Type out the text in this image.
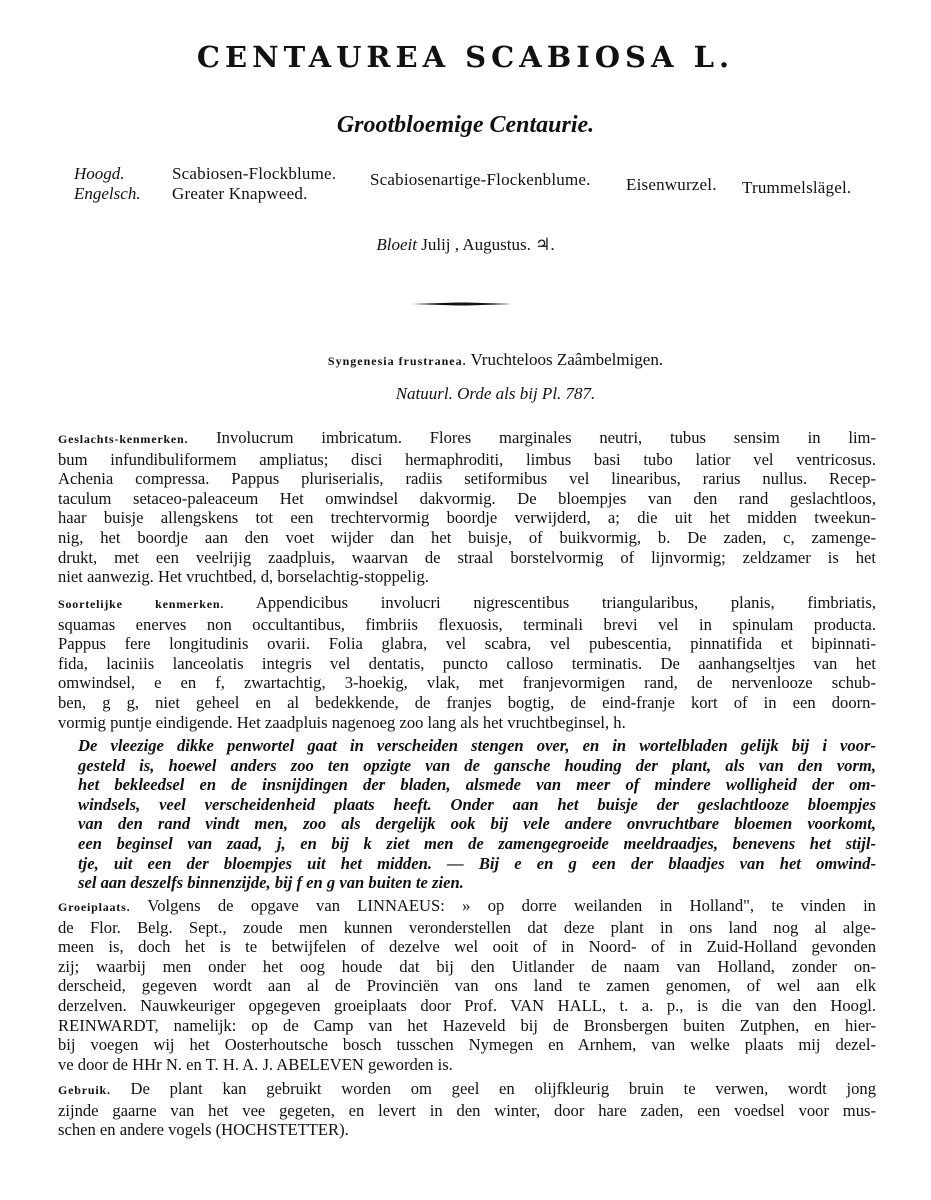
CENTAUREA SCABIOSA L.
Grootbloemige Centaurie.
Hoogd.
Engelsch.
Scabiosen-Flockblume. Scabiosenartige-Flockenblume. Eisenwurzel. Trummelslägel.
Greater Knapweed.
Bloeit Julij , Augustus. ♃.
Syngenesia frustranea. Vruchteloos Zaâmbelmigen.
Natuurl. Orde als bij Pl. 787.
Geslachts-kenmerken. Involucrum imbricatum. Flores marginales neutri, tubus sensim in lim-
bum infundibuliformem ampliatus; disci hermaphroditi, limbus basi tubo latior vel ventricosus.
Achenia compressa. Pappus pluriserialis, radiis setiformibus vel linearibus, rarius nullus. Recep-
taculum setaceo-paleaceum Het omwindsel dakvormig. De bloempjes van den rand geslachtloos,
haar buisje allengskens tot een trechtervormig boordje verwijderd, a; die uit het midden tweekun-
nig, het boordje aan den voet wijder dan het buisje, of buikvormig, b. De zaden, c, zamenge-
drukt, met een veelrijig zaadpluis, waarvan de straal borstelvormig of lijnvormig; zeldzamer is het
niet aanwezig. Het vruchtbed, d, borselachtig-stoppelig.
Soortelijke kenmerken. Appendicibus involucri nigrescentibus triangularibus, planis, fimbriatis,
squamas enerves non occultantibus, fimbriis flexuosis, terminali brevi vel in spinulam producta.
Pappus fere longitudinis ovarii. Folia glabra, vel scabra, vel pubescentia, pinnatifida et bipinnati-
fida, laciniis lanceolatis integris vel dentatis, puncto calloso terminatis. De aanhangseltjes van het
omwindsel, e en f, zwartachtig, 3-hoekig, vlak, met franjevormigen rand, de nervenlooze schub-
ben, g g, niet geheel en al bedekkende, de franjes bogtig, de eind-franje kort of in een doorn-
vormig puntje eindigende. Het zaadpluis nagenoeg zoo lang als het vruchtbeginsel, h.
De vleezige dikke penwortel gaat in verscheiden stengen over, en in wortelbladen gelijk bij i voor-
gesteld is, hoewel anders zoo ten opzigte van de gansche houding der plant, als van den vorm,
het bekleedsel en de insnijdingen der bladen, alsmede van meer of mindere wolligheid der om-
windsels, veel verscheidenheid plaats heeft. Onder aan het buisje der geslachtlooze bloempjes
van den rand vindt men, zoo als dergelijk ook bij vele andere onvruchtbare bloemen voorkomt,
een beginsel van zaad, j, en bij k ziet men de zamengegroeide meeldraadjes, benevens het stijl-
tje, uit een der bloempjes uit het midden. — Bij e en g een der blaadjes van het omwind-
sel aan deszelfs binnenzijde, bij f en g van buiten te zien.
Groeiplaats. Volgens de opgave van LINNAEUS: » op dorre weilanden in Holland", te vinden in
de Flor. Belg. Sept., zoude men kunnen veronderstellen dat deze plant in ons land nog al alge-
meen is, doch het is te betwijfelen of dezelve wel ooit of in Noord- of in Zuid-Holland gevonden
zij; waarbij men onder het oog houde dat bij den Uitlander de naam van Holland, zonder on-
derscheid, gegeven wordt aan al de Provinciën van ons land te zamen genomen, of wel aan elk
derzelven. Nauwkeuriger opgegeven groeiplaats door Prof. VAN HALL, t. a. p., is die van den Hoogl.
REINWARDT, namelijk: op de Camp van het Hazeveld bij de Bronsbergen buiten Zutphen, en hier-
bij voegen wij het Oosterhoutsche bosch tusschen Nymegen en Arnhem, van welke plaats mij dezel-
ve door de HHr N. en T. H. A. J. ABELEVEN geworden is.
Gebruik. De plant kan gebruikt worden om geel en olijfkleurig bruin te verwen, wordt jong
zijnde gaarne van het vee gegeten, en levert in den winter, door hare zaden, een voedsel voor mus-
schen en andere vogels (HOCHSTETTER).
